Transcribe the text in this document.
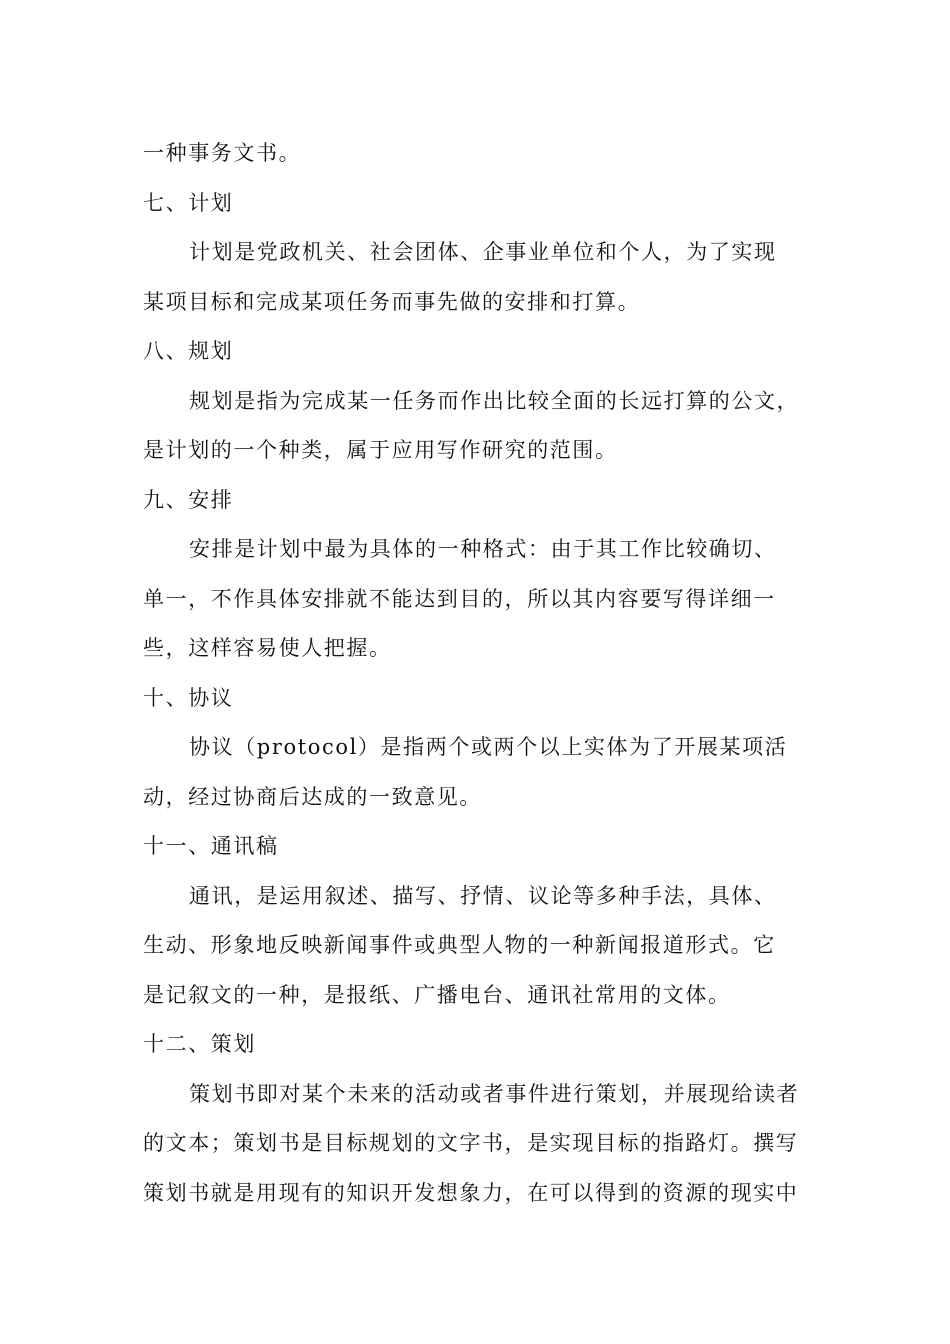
一种事务文书。
七、计划
计划是党政机关、社会团体、企事业单位和个人，为了实现
某项目标和完成某项任务而事先做的安排和打算。
八、规划
规划是指为完成某一任务而作出比较全面的长远打算的公文，
是计划的一个种类，属于应用写作研究的范围。
九、安排
安排是计划中最为具体的一种格式：由于其工作比较确切、
单一，不作具体安排就不能达到目的，所以其内容要写得详细一
些，这样容易使人把握。
十、协议
协议（protocol）是指两个或两个以上实体为了开展某项活
动，经过协商后达成的一致意见。
十一、通讯稿
通讯，是运用叙述、描写、抒情、议论等多种手法，具体、
生动、形象地反映新闻事件或典型人物的一种新闻报道形式。它
是记叙文的一种，是报纸、广播电台、通讯社常用的文体。
十二、策划
策划书即对某个未来的活动或者事件进行策划，并展现给读者
的文本；策划书是目标规划的文字书，是实现目标的指路灯。撰写
策划书就是用现有的知识开发想象力，在可以得到的资源的现实中
